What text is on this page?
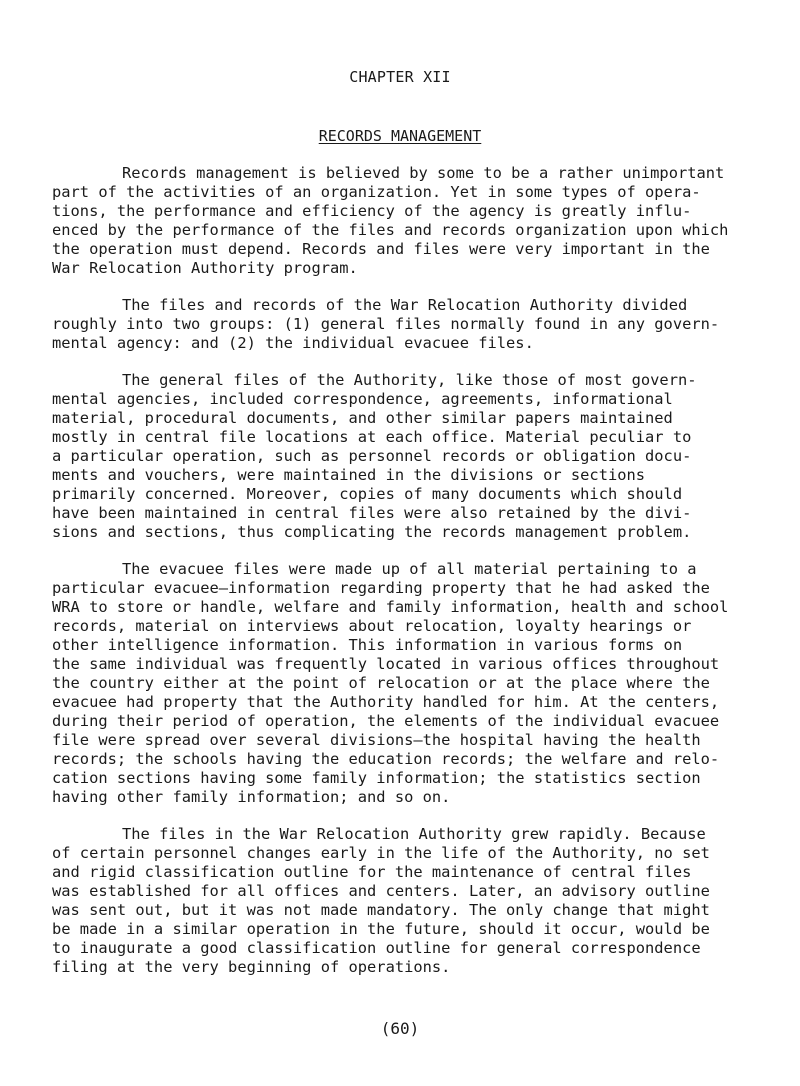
CHAPTER XII
RECORDS MANAGEMENT
Records management is believed by some to be a rather unimportant
part of the activities of an organization. Yet in some types of opera-
tions, the performance and efficiency of the agency is greatly influ-
enced by the performance of the files and records organization upon which
the operation must depend. Records and files were very important in the
War Relocation Authority program.
The files and records of the War Relocation Authority divided
roughly into two groups: (1) general files normally found in any govern-
mental agency: and (2) the individual evacuee files.
The general files of the Authority, like those of most govern-
mental agencies, included correspondence, agreements, informational
material, procedural documents, and other similar papers maintained
mostly in central file locations at each office. Material peculiar to
a particular operation, such as personnel records or obligation docu-
ments and vouchers, were maintained in the divisions or sections
primarily concerned. Moreover, copies of many documents which should
have been maintained in central files were also retained by the divi-
sions and sections, thus complicating the records management problem.
The evacuee files were made up of all material pertaining to a
particular evacuee—information regarding property that he had asked the
WRA to store or handle, welfare and family information, health and school
records, material on interviews about relocation, loyalty hearings or
other intelligence information. This information in various forms on
the same individual was frequently located in various offices throughout
the country either at the point of relocation or at the place where the
evacuee had property that the Authority handled for him. At the centers,
during their period of operation, the elements of the individual evacuee
file were spread over several divisions—the hospital having the health
records; the schools having the education records; the welfare and relo-
cation sections having some family information; the statistics section
having other family information; and so on.
The files in the War Relocation Authority grew rapidly. Because
of certain personnel changes early in the life of the Authority, no set
and rigid classification outline for the maintenance of central files
was established for all offices and centers. Later, an advisory outline
was sent out, but it was not made mandatory. The only change that might
be made in a similar operation in the future, should it occur, would be
to inaugurate a good classification outline for general correspondence
filing at the very beginning of operations.
(60)
